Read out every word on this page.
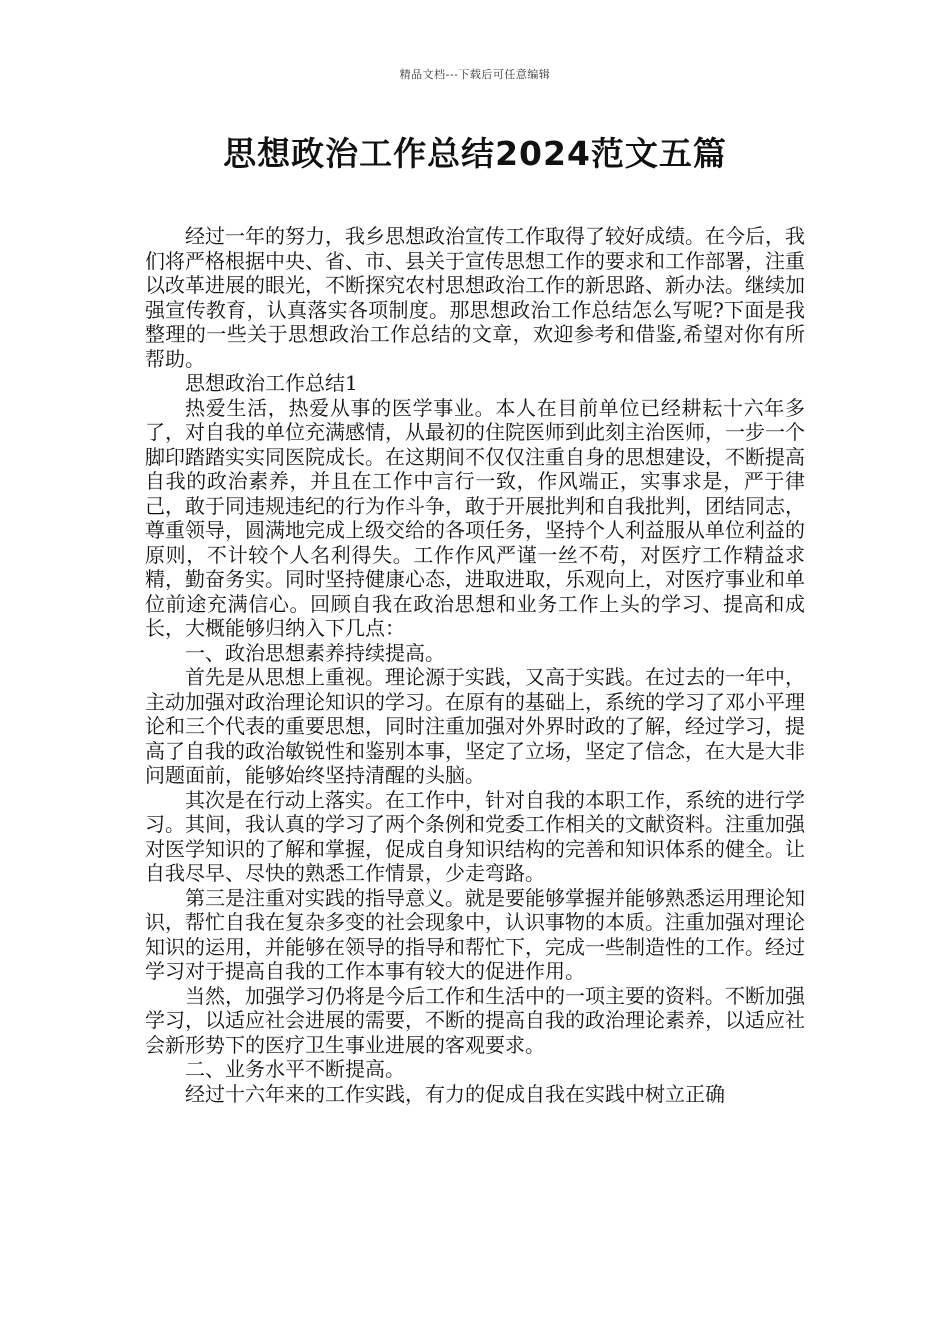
精品文档---下载后可任意编辑
思想政治工作总结2024范文五篇

经过一年的努力，我乡思想政治宣传工作取得了较好成绩。在今后，我们将严格根据中央、省、市、县关于宣传思想工作的要求和工作部署，注重以改革进展的眼光，不断探究农村思想政治工作的新思路、新办法。继续加强宣传教育，认真落实各项制度。那思想政治工作总结怎么写呢?下面是我整理的一些关于思想政治工作总结的文章，欢迎参考和借鉴,希望对你有所帮助。

思想政治工作总结1

热爱生活，热爱从事的医学事业。本人在目前单位已经耕耘十六年多了，对自我的单位充满感情，从最初的住院医师到此刻主治医师，一步一个脚印踏踏实实同医院成长。在这期间不仅仅注重自身的思想建设，不断提高自我的政治素养，并且在工作中言行一致，作风端正，实事求是，严于律己，敢于同违规违纪的行为作斗争，敢于开展批判和自我批判，团结同志，尊重领导，圆满地完成上级交给的各项任务，坚持个人利益服从单位利益的原则，不计较个人名利得失。工作作风严谨一丝不苟，对医疗工作精益求精，勤奋务实。同时坚持健康心态，进取进取，乐观向上，对医疗事业和单位前途充满信心。回顾自我在政治思想和业务工作上头的学习、提高和成长，大概能够归纳入下几点：

一、政治思想素养持续提高。

首先是从思想上重视。理论源于实践，又高于实践。在过去的一年中，主动加强对政治理论知识的学习。在原有的基础上，系统的学习了邓小平理论和三个代表的重要思想，同时注重加强对外界时政的了解，经过学习，提高了自我的政治敏锐性和鉴别本事，坚定了立场，坚定了信念，在大是大非问题面前，能够始终坚持清醒的头脑。

其次是在行动上落实。在工作中，针对自我的本职工作，系统的进行学习。其间，我认真的学习了两个条例和党委工作相关的文献资料。注重加强对医学知识的了解和掌握，促成自身知识结构的完善和知识体系的健全。让自我尽早、尽快的熟悉工作情景，少走弯路。

第三是注重对实践的指导意义。就是要能够掌握并能够熟悉运用理论知识，帮忙自我在复杂多变的社会现象中，认识事物的本质。注重加强对理论知识的运用，并能够在领导的指导和帮忙下，完成一些制造性的工作。经过学习对于提高自我的工作本事有较大的促进作用。

当然，加强学习仍将是今后工作和生活中的一项主要的资料。不断加强学习，以适应社会进展的需要，不断的提高自我的政治理论素养，以适应社会新形势下的医疗卫生事业进展的客观要求。

二、业务水平不断提高。

经过十六年来的工作实践，有力的促成自我在实践中树立正确
